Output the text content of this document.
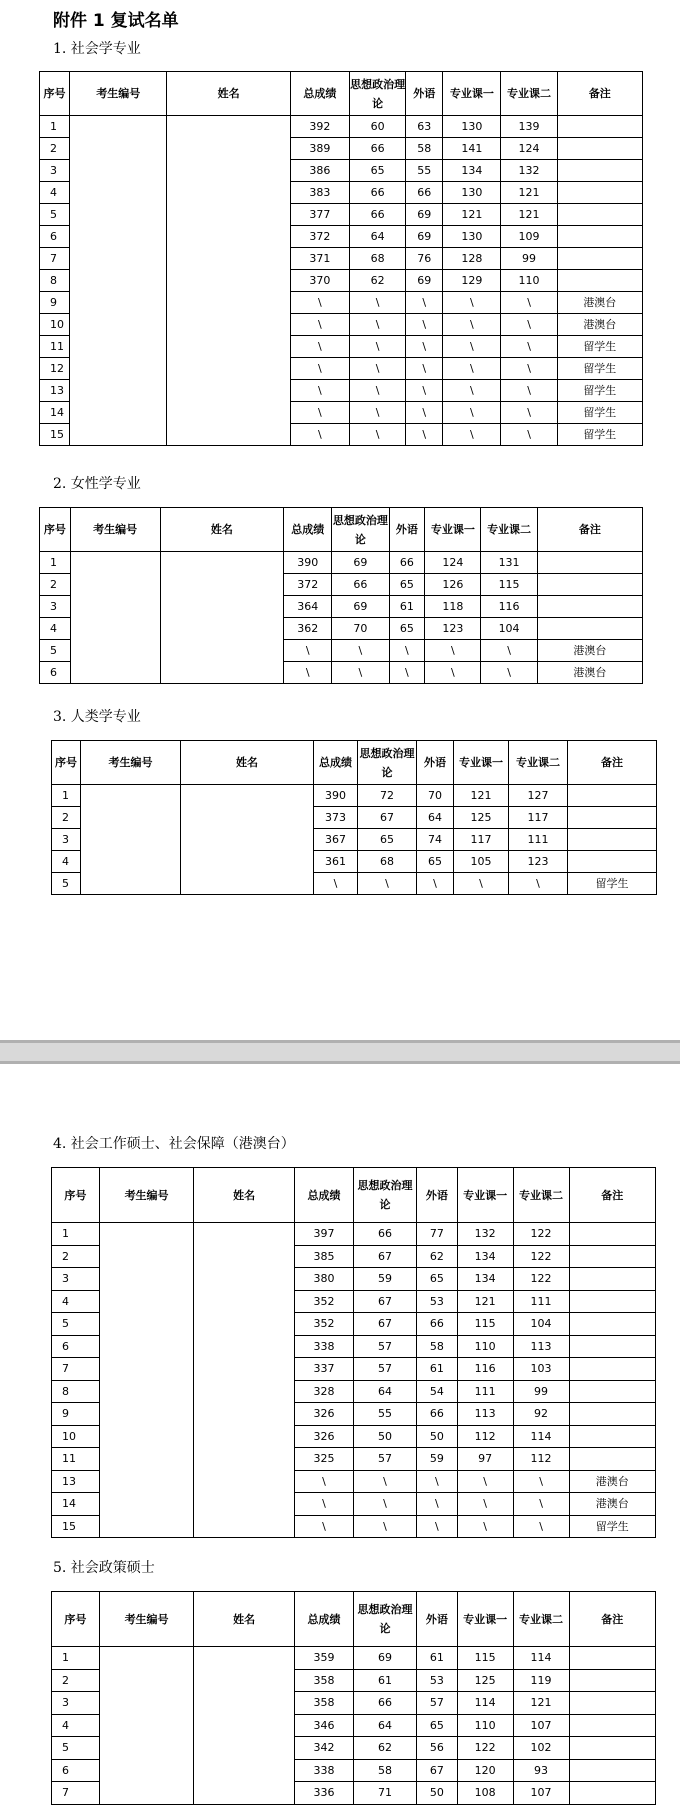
附件 1 复试名单
1. 社会学专业
2. 女性学专业
3. 人类学专业
4. 社会工作硕士、社会保障（港澳台）
5. 社会政策硕士
序号	考生编号	姓名	总成绩	思想政治理论	外语	专业课一	专业课二	备注
1			392	60	63	130	139	
2			389	66	58	141	124	
3			386	65	55	134	132	
4			383	66	66	130	121	
5			377	66	69	121	121	
6			372	64	69	130	109	
7			371	68	76	128	99	
8			370	62	69	129	110	
9			\	\	\	\	\	港澳台
10			\	\	\	\	\	港澳台
11			\	\	\	\	\	留学生
12			\	\	\	\	\	留学生
13			\	\	\	\	\	留学生
14			\	\	\	\	\	留学生
15			\	\	\	\	\	留学生
序号	考生编号	姓名	总成绩	思想政治理论	外语	专业课一	专业课二	备注
1			390	69	66	124	131	
2			372	66	65	126	115	
3			364	69	61	118	116	
4			362	70	65	123	104	
5			\	\	\	\	\	港澳台
6			\	\	\	\	\	港澳台
序号	考生编号	姓名	总成绩	思想政治理论	外语	专业课一	专业课二	备注
1			390	72	70	121	127	
2			373	67	64	125	117	
3			367	65	74	117	111	
4			361	68	65	105	123	
5			\	\	\	\	\	留学生
序号	考生编号	姓名	总成绩	思想政治理论	外语	专业课一	专业课二	备注
1			397	66	77	132	122	
2			385	67	62	134	122	
3			380	59	65	134	122	
4			352	67	53	121	111	
5			352	67	66	115	104	
6			338	57	58	110	113	
7			337	57	61	116	103	
8			328	64	54	111	99	
9			326	55	66	113	92	
10			326	50	50	112	114	
11			325	57	59	97	112	
13			\	\	\	\	\	港澳台
14			\	\	\	\	\	港澳台
15			\	\	\	\	\	留学生
序号	考生编号	姓名	总成绩	思想政治理论	外语	专业课一	专业课二	备注
1			359	69	61	115	114	
2			358	61	53	125	119	
3			358	66	57	114	121	
4			346	64	65	110	107	
5			342	62	56	122	102	
6			338	58	67	120	93	
7			336	71	50	108	107	
